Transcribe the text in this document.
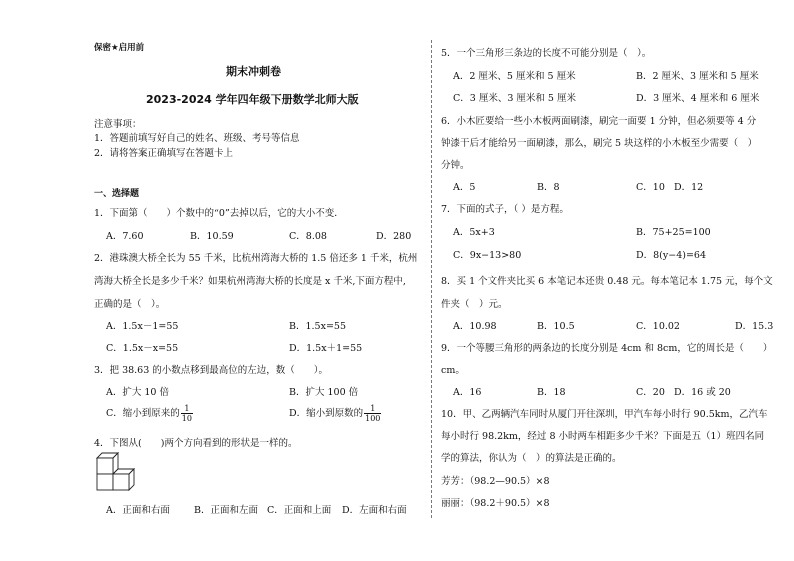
保密★启用前
期末冲刺卷
2023-2024 学年四年级下册数学北师大版
注意事项：
1．答题前填写好自己的姓名、班级、考号等信息
2．请将答案正确填写在答题卡上
一、选择题
1．下面第（　　）个数中的“0”去掉以后，它的大小不变．
A．7.60	B．10.59	C．8.08	D．280
2．港珠澳大桥全长为 55 千米，比杭州湾海大桥的 1.5 倍还多 1 千米，杭州
湾海大桥全长是多少千米？如果杭州湾海大桥的长度是 x 千米,下面方程中,
正确的是（　）。
A．1.5x－1=55	B．1.5x=55
C．1.5x－x=55	D．1.5x＋1=55
3．把 38.63 的小数点移到最高位的左边，数（　　）。
A．扩大 10 倍	B．扩大 100 倍
C．缩小到原来的 $\frac{1}{10}$	D．缩小到原数的 $\frac{1}{100}$
4．下图从(　　)两个方向看到的形状是一样的。
A．正面和右面	B．正面和左面 C．正面和上面 D．左面和右面
5．一个三角形三条边的长度不可能分别是（　）。
A．2 厘米、5 厘米和 5 厘米	B．2 厘米、3 厘米和 5 厘米
C．3 厘米、3 厘米和 5 厘米	D．3 厘米、4 厘米和 6 厘米
6．小木匠要给一些小木板两面刷漆，刷完一面要 1 分钟，但必须要等 4 分
钟漆干后才能给另一面刷漆，那么，刷完 5 块这样的小木板至少需要（　）
分钟。
A．5	B．8	C．10 D．12
7．下面的式子，（ ）是方程。
A．5x+3	B．75+25=100
C．9x−13>80	D．8(y−4)=64
8．买 1 个文件夹比买 6 本笔记本还贵 0.48 元。每本笔记本 1.75 元，每个文
件夹（　）元。
A．10.98	B．10.5	C．10.02	D．15.3
9．一个等腰三角形的两条边的长度分别是 4cm 和 8cm，它的周长是（　　）
cm。
A．16	B．18	C．20 D．16 或 20
10．甲、乙两辆汽车同时从厦门开往深圳，甲汽车每小时行 90.5km，乙汽车
每小时行 98.2km，经过 8 小时两车相距多少千米？下面是五（1）班四名同
学的算法，你认为（　）的算法是正确的。
芳芳：（98.2—90.5）×8
丽丽：（98.2＋90.5）×8
